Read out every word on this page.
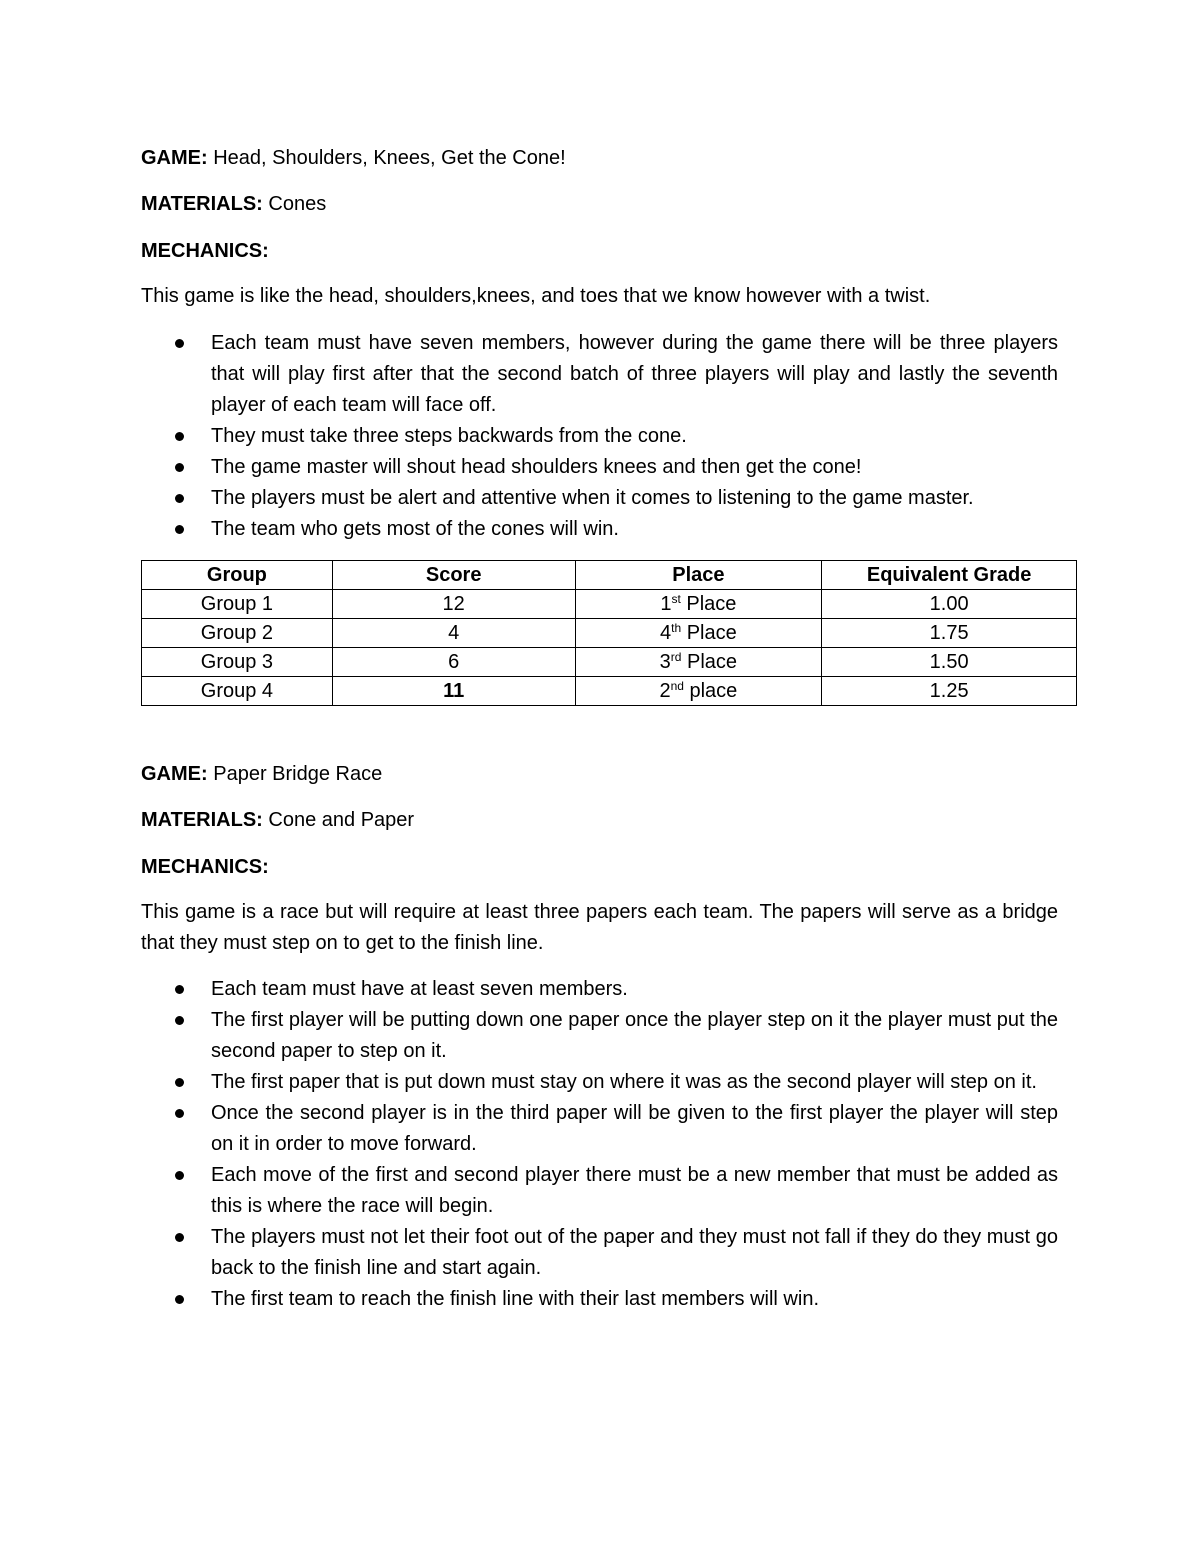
GAME: Head, Shoulders, Knees, Get the Cone!
MATERIALS: Cones
MECHANICS:
This game is like the head, shoulders,knees, and toes that we know however with a twist.
Each team must have seven members, however during the game there will be three players that will play first after that the second batch of three players will play and lastly the seventh player of each team will face off.
They must take three steps backwards from the cone.
The game master will shout head shoulders knees and then get the cone!
The players must be alert and attentive when it comes to listening to the game master.
The team who gets most of the cones will win.
GAME: Paper Bridge Race
MATERIALS: Cone and Paper
MECHANICS:
This game is a race but will require at least three papers each team. The papers will serve as a bridge that they must step on to get to the finish line.
Each team must have at least seven members.
The first player will be putting down one paper once the player step on it the player must put the second paper to step on it.
The first paper that is put down must stay on where it was as the second player will step on it.
Once the second player is in the third paper will be given to the first player the player will step on it in order to move forward.
Each move of the first and second player there must be a new member that must be added as this is where the race will begin.
The players must not let their foot out of the paper and they must not fall if they do they must go back to the finish line and start again.
The first team to reach the finish line with their last members will win.
Group	Score	Place	Equivalent Grade
Group 1	12	1st Place	1.00
Group 2	4	4th Place	1.75
Group 3	6	3rd Place	1.50
Group 4	11	2nd place	1.25
